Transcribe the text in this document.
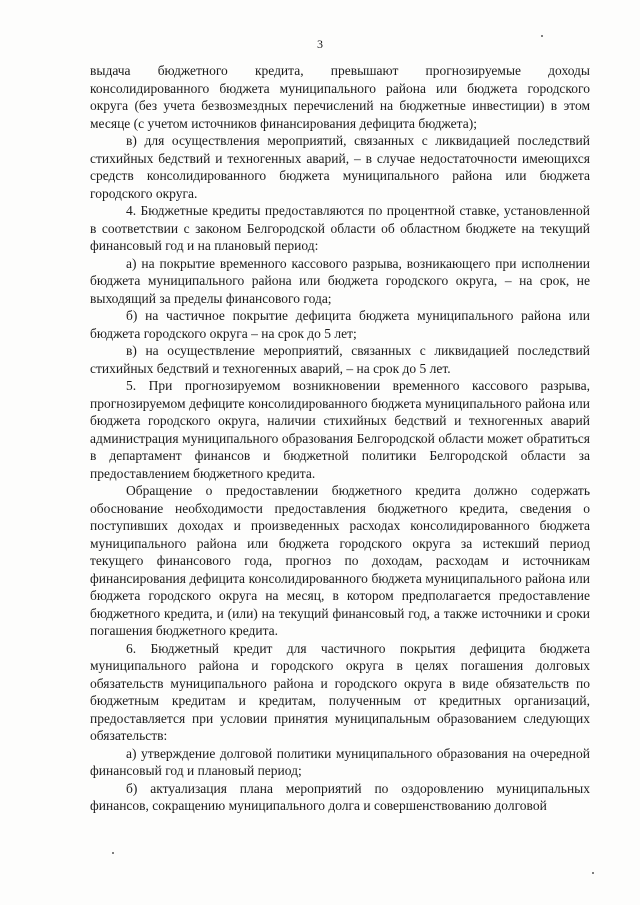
3

выдача бюджетного кредита, превышают прогнозируемые доходы консолидированного бюджета муниципального района или бюджета городского округа (без учета безвозмездных перечислений на бюджетные инвестиции) в этом месяце (с учетом источников финансирования дефицита бюджета);

в) для осуществления мероприятий, связанных с ликвидацией последствий стихийных бедствий и техногенных аварий, – в случае недостаточности имеющихся средств консолидированного бюджета муниципального района или бюджета городского округа.

4. Бюджетные кредиты предоставляются по процентной ставке, установленной в соответствии с законом Белгородской области об областном бюджете на текущий финансовый год и на плановый период:

а) на покрытие временного кассового разрыва, возникающего при исполнении бюджета муниципального района или бюджета городского округа, – на срок, не выходящий за пределы финансового года;

б) на частичное покрытие дефицита бюджета муниципального района или бюджета городского округа – на срок до 5 лет;

в) на осуществление мероприятий, связанных с ликвидацией последствий стихийных бедствий и техногенных аварий, – на срок до 5 лет.

5. При прогнозируемом возникновении временного кассового разрыва, прогнозируемом дефиците консолидированного бюджета муниципального района или бюджета городского округа, наличии стихийных бедствий и техногенных аварий администрация муниципального образования Белгородской области может обратиться в департамент финансов и бюджетной политики Белгородской области за предоставлением бюджетного кредита.

Обращение о предоставлении бюджетного кредита должно содержать обоснование необходимости предоставления бюджетного кредита, сведения о поступивших доходах и произведенных расходах консолидированного бюджета муниципального района или бюджета городского округа за истекший период текущего финансового года, прогноз по доходам, расходам и источникам финансирования дефицита консолидированного бюджета муниципального района или бюджета городского округа на месяц, в котором предполагается предоставление бюджетного кредита, и (или) на текущий финансовый год, а также источники и сроки погашения бюджетного кредита.

6. Бюджетный кредит для частичного покрытия дефицита бюджета муниципального района и городского округа в целях погашения долговых обязательств муниципального района и городского округа в виде обязательств по бюджетным кредитам и кредитам, полученным от кредитных организаций, предоставляется при условии принятия муниципальным образованием следующих обязательств:

а) утверждение долговой политики муниципального образования на очередной финансовый год и плановый период;

б) актуализация плана мероприятий по оздоровлению муниципальных финансов, сокращению муниципального долга и совершенствованию долговой
